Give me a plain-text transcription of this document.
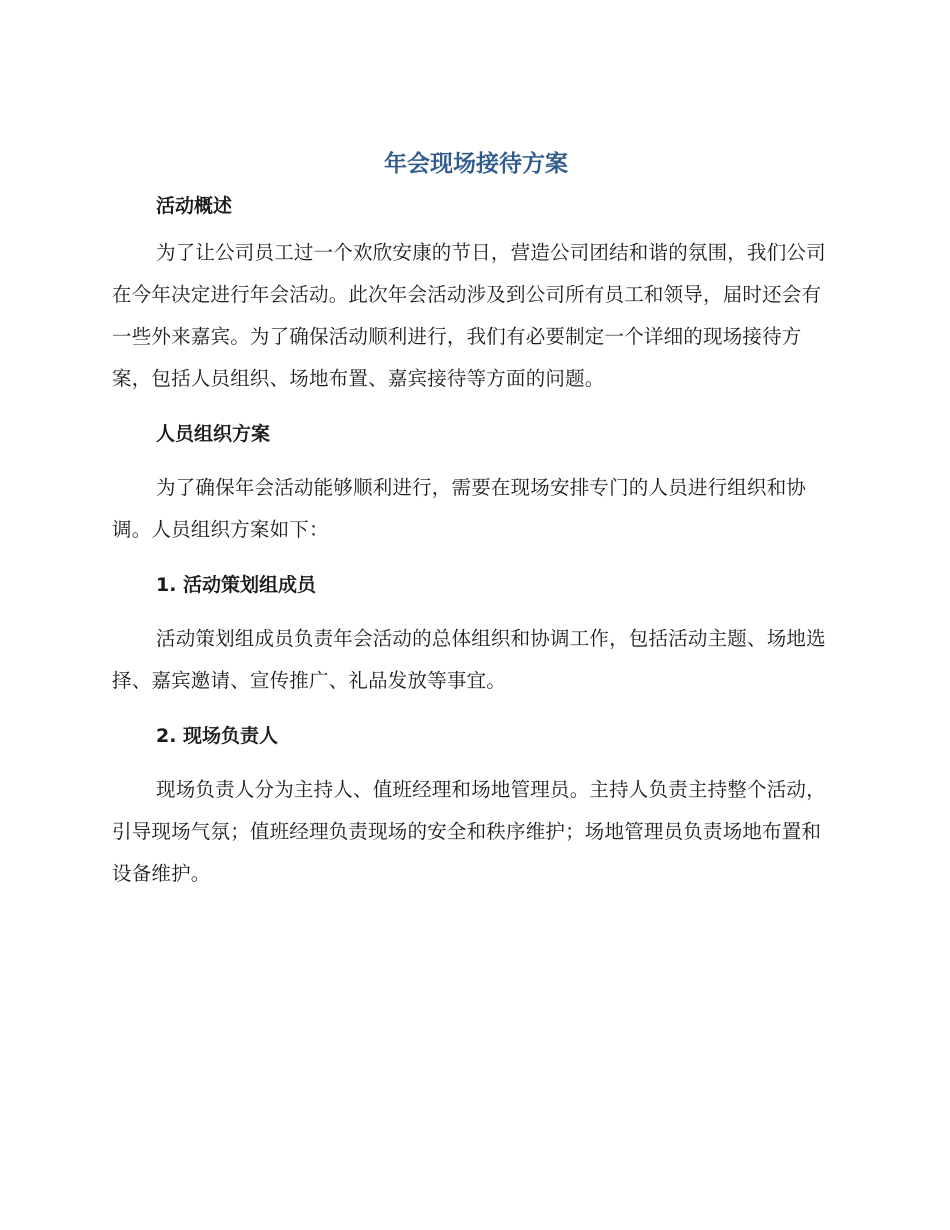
年会现场接待方案

活动概述

为了让公司员工过一个欢欣安康的节日，营造公司团结和谐的氛围，我们公司在今年决定进行年会活动。此次年会活动涉及到公司所有员工和领导，届时还会有一些外来嘉宾。为了确保活动顺利进行，我们有必要制定一个详细的现场接待方案，包括人员组织、场地布置、嘉宾接待等方面的问题。

人员组织方案

为了确保年会活动能够顺利进行，需要在现场安排专门的人员进行组织和协调。人员组织方案如下：

1. 活动策划组成员

活动策划组成员负责年会活动的总体组织和协调工作，包括活动主题、场地选择、嘉宾邀请、宣传推广、礼品发放等事宜。

2. 现场负责人

现场负责人分为主持人、值班经理和场地管理员。主持人负责主持整个活动，引导现场气氛；值班经理负责现场的安全和秩序维护；场地管理员负责场地布置和设备维护。
